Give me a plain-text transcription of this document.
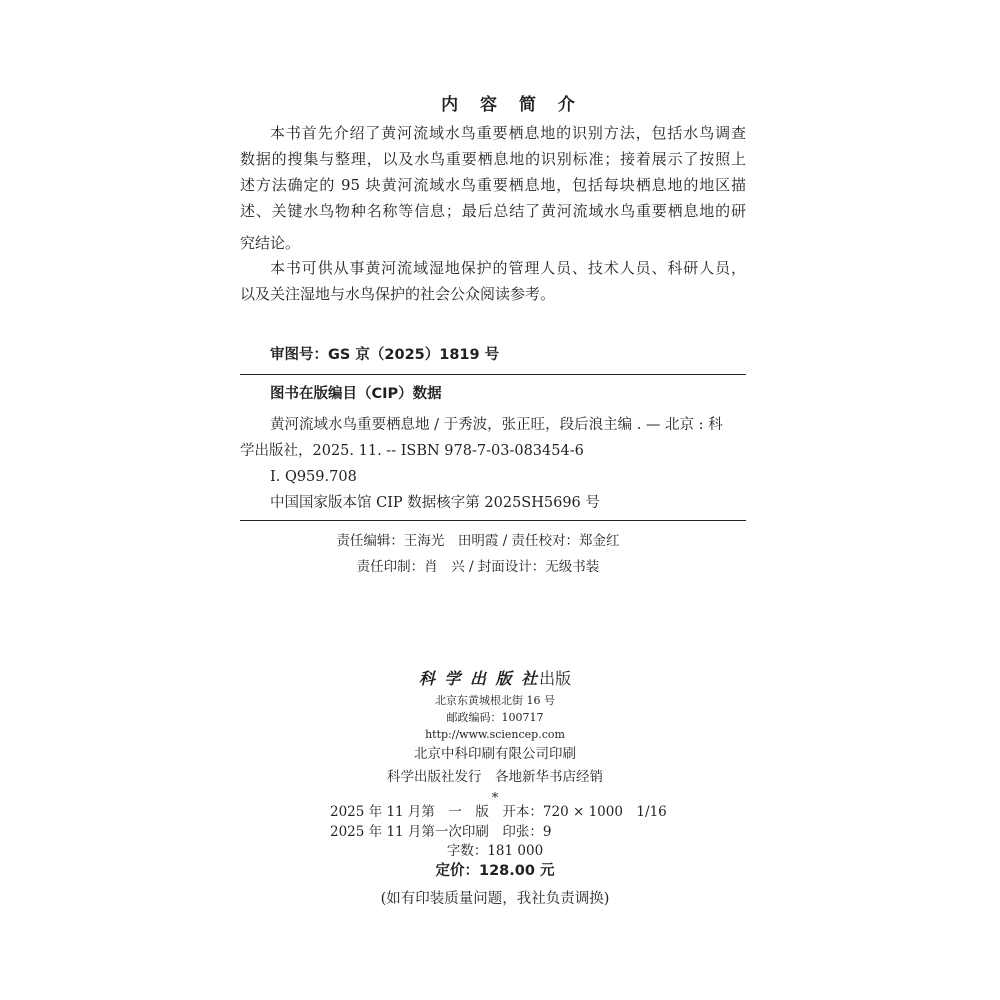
内 容 简 介
本书首先介绍了黄河流域水鸟重要栖息地的识别方法，包括水鸟调查
数据的搜集与整理，以及水鸟重要栖息地的识别标准；接着展示了按照上
述方法确定的 95 块黄河流域水鸟重要栖息地，包括每块栖息地的地区描
述、关键水鸟物种名称等信息；最后总结了黄河流域水鸟重要栖息地的研
究结论。
本书可供从事黄河流域湿地保护的管理人员、技术人员、科研人员，
以及关注湿地与水鸟保护的社会公众阅读参考。
审图号：GS 京（2025）1819 号
图书在版编目（CIP）数据
黄河流域水鸟重要栖息地 / 于秀波，张正旺，段后浪主编 . — 北京 : 科
学出版社，2025. 11. -- ISBN 978-7-03-083454-6
Ⅰ. Q959.708
中国国家版本馆 CIP 数据核字第 2025SH5696 号
责任编辑：王海光　田明霞 / 责任校对：郑金红
责任印制：肖　兴 / 封面设计：无级书装
科 学 出 版 社出版
北京东黄城根北街 16 号
邮政编码：100717
http://www.sciencep.com
北京中科印刷有限公司印刷
科学出版社发行　各地新华书店经销
*
2025 年 11 月第　一　版　开本：720 × 1000　1/16
2025 年 11 月第一次印刷　印张：9
字数：181 000
定价：128.00 元
(如有印装质量问题，我社负责调换)
